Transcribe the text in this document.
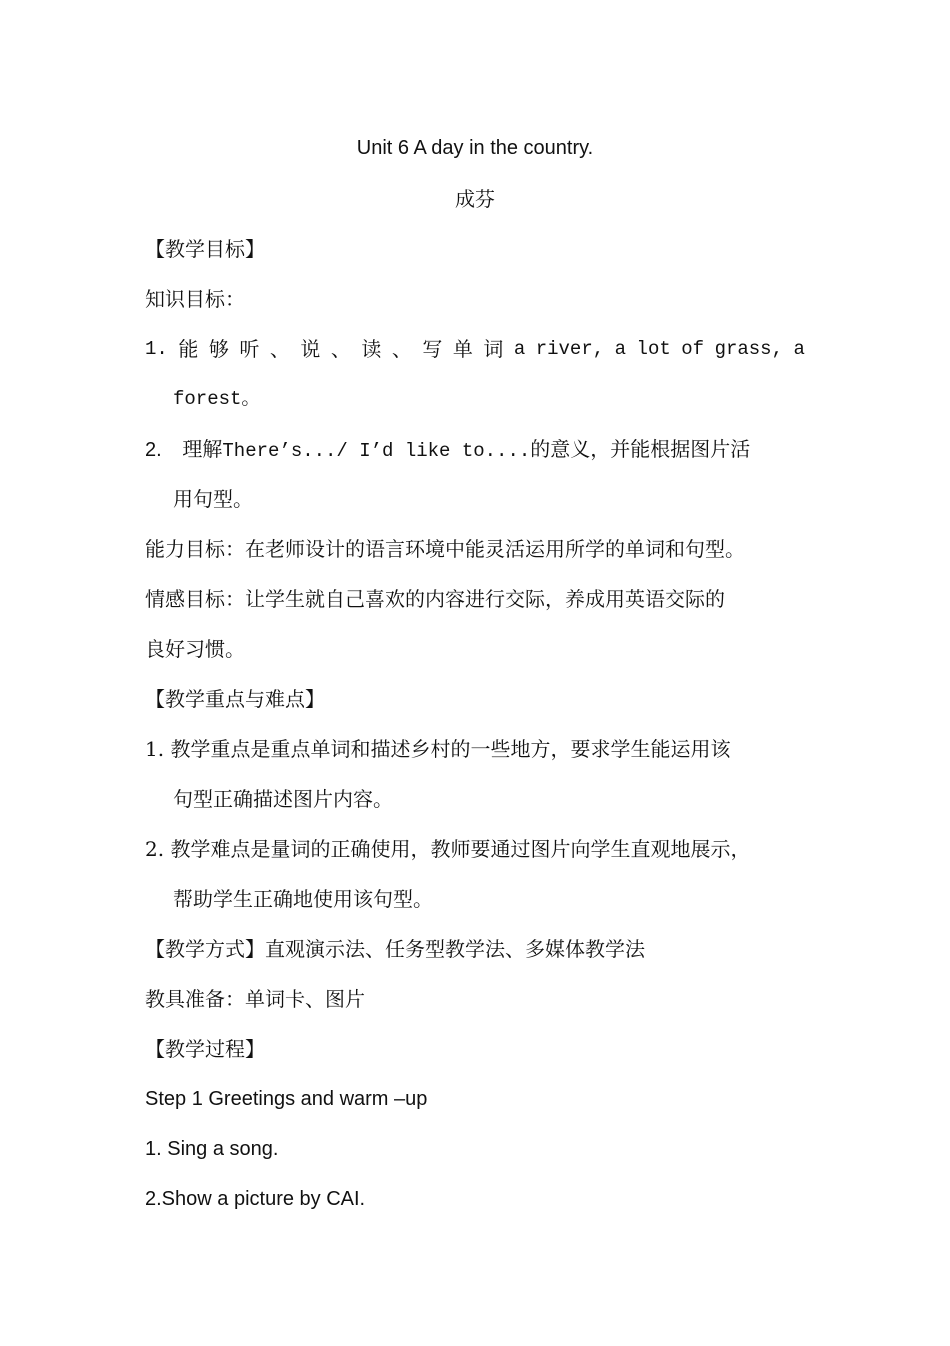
Unit 6 A day in the country.
成芬
【教学目标】
知识目标：
1. 能 够 听 、 说 、 读 、 写 单 词 a river, a lot of grass, a
forest。
2. 理解There’s.../ I’d like to....的意义，并能根据图片活
用句型。
能力目标：在老师设计的语言环境中能灵活运用所学的单词和句型。
情感目标：让学生就自己喜欢的内容进行交际，养成用英语交际的
良好习惯。
【教学重点与难点】
1. 教学重点是重点单词和描述乡村的一些地方，要求学生能运用该
句型正确描述图片内容。
2. 教学难点是量词的正确使用，教师要通过图片向学生直观地展示，
帮助学生正确地使用该句型。
【教学方式】直观演示法、任务型教学法、多媒体教学法
教具准备：单词卡、图片
【教学过程】
Step 1 Greetings and warm –up
1. Sing a song.
2.Show a picture by CAI.
